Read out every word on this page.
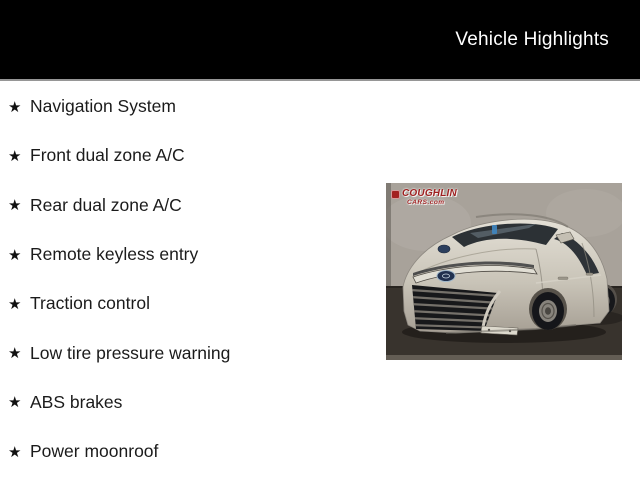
Vehicle Highlights
★ Navigation System
★ Front dual zone A/C
★ Rear dual zone A/C
★ Remote keyless entry
★ Traction control
★ Low tire pressure warning
★ ABS brakes
★ Power moonroof
COUGHLIN
CARS.com
